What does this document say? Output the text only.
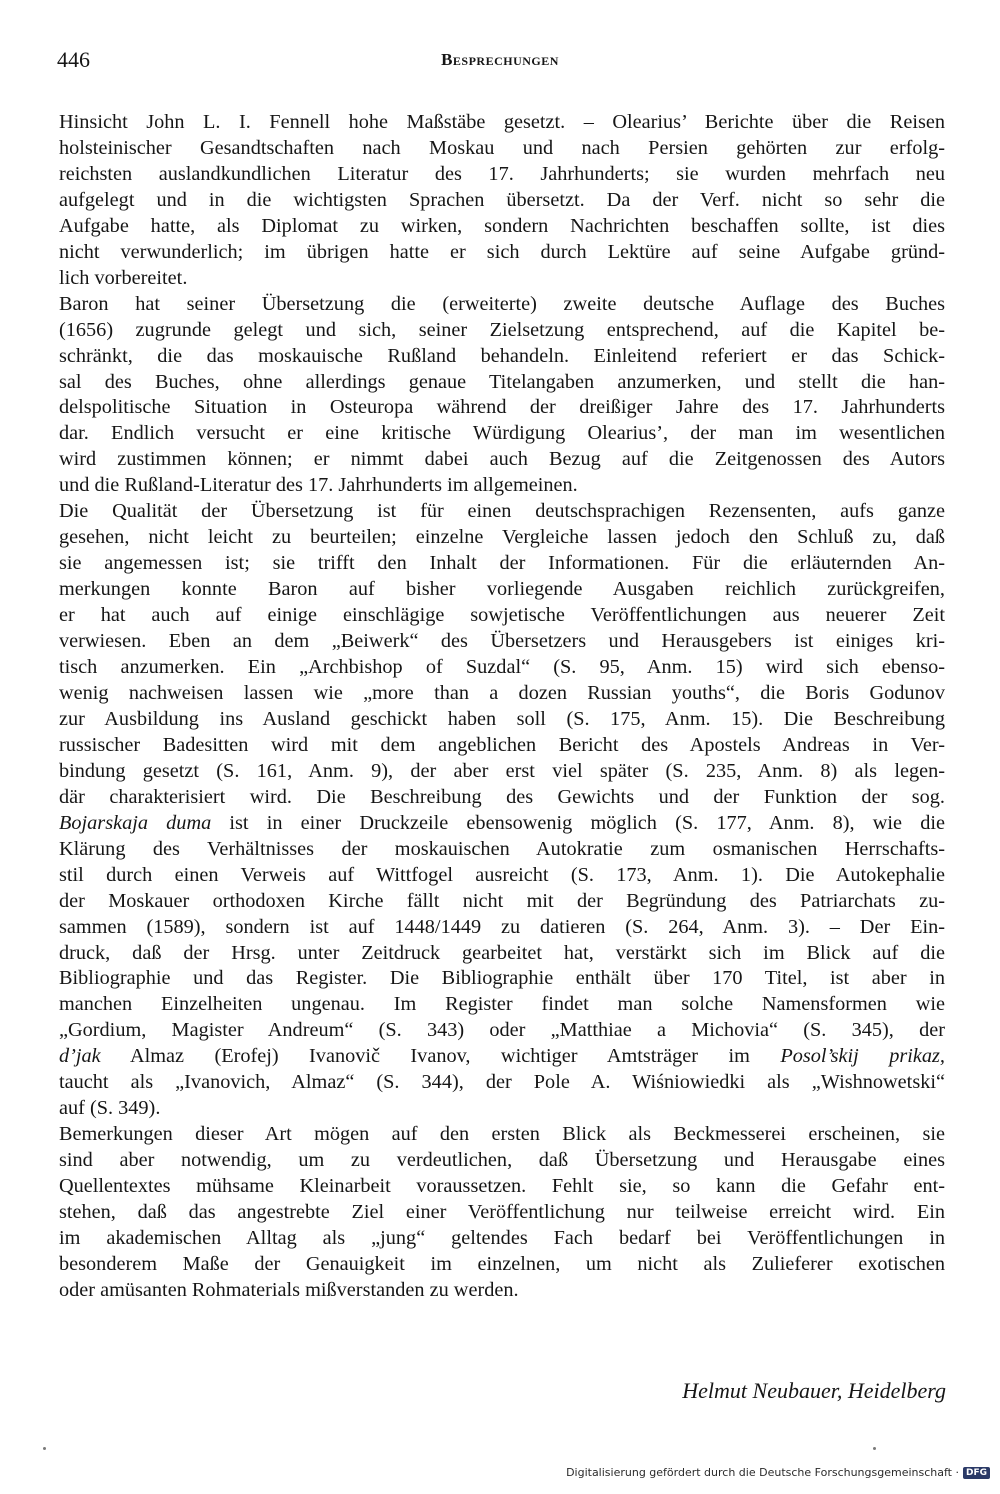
446	Besprechungen
Hinsicht John L. I. Fennell hohe Maßstäbe gesetzt. – Olearius’ Berichte über die Reisen
holsteinischer Gesandtschaften nach Moskau und nach Persien gehörten zur erfolg-
reichsten auslandkundlichen Literatur des 17. Jahrhunderts; sie wurden mehrfach neu
aufgelegt und in die wichtigsten Sprachen übersetzt. Da der Verf. nicht so sehr die
Aufgabe hatte, als Diplomat zu wirken, sondern Nachrichten beschaffen sollte, ist dies
nicht verwunderlich; im übrigen hatte er sich durch Lektüre auf seine Aufgabe gründ-
lich vorbereitet.
Baron hat seiner Übersetzung die (erweiterte) zweite deutsche Auflage des Buches
(1656) zugrunde gelegt und sich, seiner Zielsetzung entsprechend, auf die Kapitel be-
schränkt, die das moskauische Rußland behandeln. Einleitend referiert er das Schick-
sal des Buches, ohne allerdings genaue Titelangaben anzumerken, und stellt die han-
delspolitische Situation in Osteuropa während der dreißiger Jahre des 17. Jahrhunderts
dar. Endlich versucht er eine kritische Würdigung Olearius’, der man im wesentlichen
wird zustimmen können; er nimmt dabei auch Bezug auf die Zeitgenossen des Autors
und die Rußland-Literatur des 17. Jahrhunderts im allgemeinen.
Die Qualität der Übersetzung ist für einen deutschsprachigen Rezensenten, aufs ganze
gesehen, nicht leicht zu beurteilen; einzelne Vergleiche lassen jedoch den Schluß zu, daß
sie angemessen ist; sie trifft den Inhalt der Informationen. Für die erläuternden An-
merkungen konnte Baron auf bisher vorliegende Ausgaben reichlich zurückgreifen,
er hat auch auf einige einschlägige sowjetische Veröffentlichungen aus neuerer Zeit
verwiesen. Eben an dem „Beiwerk“ des Übersetzers und Herausgebers ist einiges kri-
tisch anzumerken. Ein „Archbishop of Suzdal“ (S. 95, Anm. 15) wird sich ebenso-
wenig nachweisen lassen wie „more than a dozen Russian youths“, die Boris Godunov
zur Ausbildung ins Ausland geschickt haben soll (S. 175, Anm. 15). Die Beschreibung
russischer Badesitten wird mit dem angeblichen Bericht des Apostels Andreas in Ver-
bindung gesetzt (S. 161, Anm. 9), der aber erst viel später (S. 235, Anm. 8) als legen-
där charakterisiert wird. Die Beschreibung des Gewichts und der Funktion der sog.
Bojarskaja duma ist in einer Druckzeile ebensowenig möglich (S. 177, Anm. 8), wie die
Klärung des Verhältnisses der moskauischen Autokratie zum osmanischen Herrschafts-
stil durch einen Verweis auf Wittfogel ausreicht (S. 173, Anm. 1). Die Autokephalie
der Moskauer orthodoxen Kirche fällt nicht mit der Begründung des Patriarchats zu-
sammen (1589), sondern ist auf 1448/1449 zu datieren (S. 264, Anm. 3). – Der Ein-
druck, daß der Hrsg. unter Zeitdruck gearbeitet hat, verstärkt sich im Blick auf die
Bibliographie und das Register. Die Bibliographie enthält über 170 Titel, ist aber in
manchen Einzelheiten ungenau. Im Register findet man solche Namensformen wie
„Gordium, Magister Andreum“ (S. 343) oder „Matthiae a Michovia“ (S. 345), der
d’jak Almaz (Erofej) Ivanovič Ivanov, wichtiger Amtsträger im Posol’skij prikaz,
taucht als „Ivanovich, Almaz“ (S. 344), der Pole A. Wiśniowiedki als „Wishnowetski“
auf (S. 349).
Bemerkungen dieser Art mögen auf den ersten Blick als Beckmesserei erscheinen, sie
sind aber notwendig, um zu verdeutlichen, daß Übersetzung und Herausgabe eines
Quellentextes mühsame Kleinarbeit voraussetzen. Fehlt sie, so kann die Gefahr ent-
stehen, daß das angestrebte Ziel einer Veröffentlichung nur teilweise erreicht wird. Ein
im akademischen Alltag als „jung“ geltendes Fach bedarf bei Veröffentlichungen in
besonderem Maße der Genauigkeit im einzelnen, um nicht als Zulieferer exotischen
oder amüsanten Rohmaterials mißverstanden zu werden.
Helmut Neubauer, Heidelberg
Digitalisierung gefördert durch die Deutsche Forschungsgemeinschaft · DFG
